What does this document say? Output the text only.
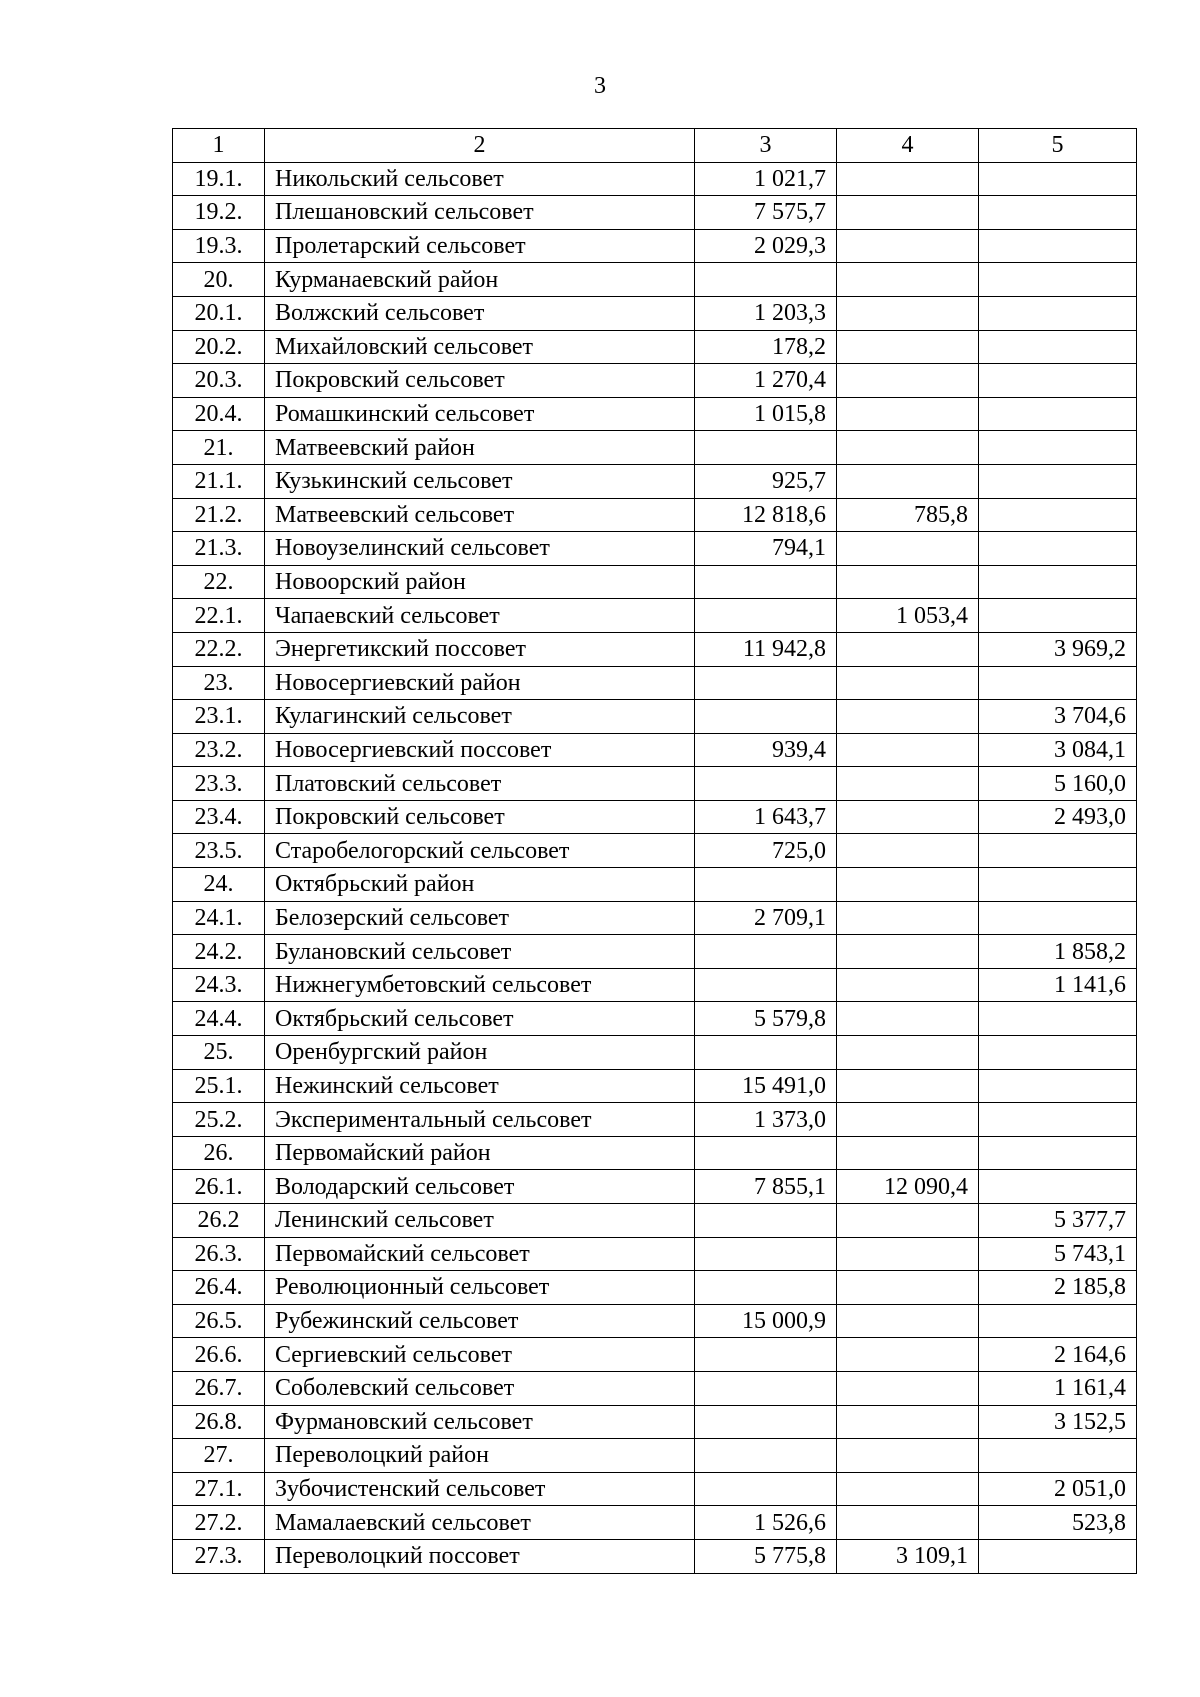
3
1	2	3	4	5
19.1.	Никольский сельсовет	1 021,7		
19.2.	Плешановский сельсовет	7 575,7		
19.3.	Пролетарский сельсовет	2 029,3		
20.	Курманаевский район			
20.1.	Волжский сельсовет	1 203,3		
20.2.	Михайловский сельсовет	178,2		
20.3.	Покровский сельсовет	1 270,4		
20.4.	Ромашкинский сельсовет	1 015,8		
21.	Матвеевский район			
21.1.	Кузькинский сельсовет	925,7		
21.2.	Матвеевский сельсовет	12 818,6	785,8	
21.3.	Новоузелинский сельсовет	794,1		
22.	Новоорский район			
22.1.	Чапаевский сельсовет		1 053,4	
22.2.	Энергетикский поссовет	11 942,8		3 969,2
23.	Новосергиевский район			
23.1.	Кулагинский сельсовет			3 704,6
23.2.	Новосергиевский поссовет	939,4		3 084,1
23.3.	Платовский сельсовет			5 160,0
23.4.	Покровский сельсовет	1 643,7		2 493,0
23.5.	Старобелогорский сельсовет	725,0		
24.	Октябрьский район			
24.1.	Белозерский сельсовет	2 709,1		
24.2.	Булановский сельсовет			1 858,2
24.3.	Нижнегумбетовский сельсовет			1 141,6
24.4.	Октябрьский сельсовет	5 579,8		
25.	Оренбургский район			
25.1.	Нежинский сельсовет	15 491,0		
25.2.	Экспериментальный сельсовет	1 373,0		
26.	Первомайский район			
26.1.	Володарский сельсовет	7 855,1	12 090,4	
26.2	Ленинский сельсовет			5 377,7
26.3.	Первомайский сельсовет			5 743,1
26.4.	Революционный сельсовет			2 185,8
26.5.	Рубежинский сельсовет	15 000,9		
26.6.	Сергиевский сельсовет			2 164,6
26.7.	Соболевский сельсовет			1 161,4
26.8.	Фурмановский сельсовет			3 152,5
27.	Переволоцкий район			
27.1.	Зубочистенский сельсовет			2 051,0
27.2.	Мамалаевский сельсовет	1 526,6		523,8
27.3.	Переволоцкий поссовет	5 775,8	3 109,1	
